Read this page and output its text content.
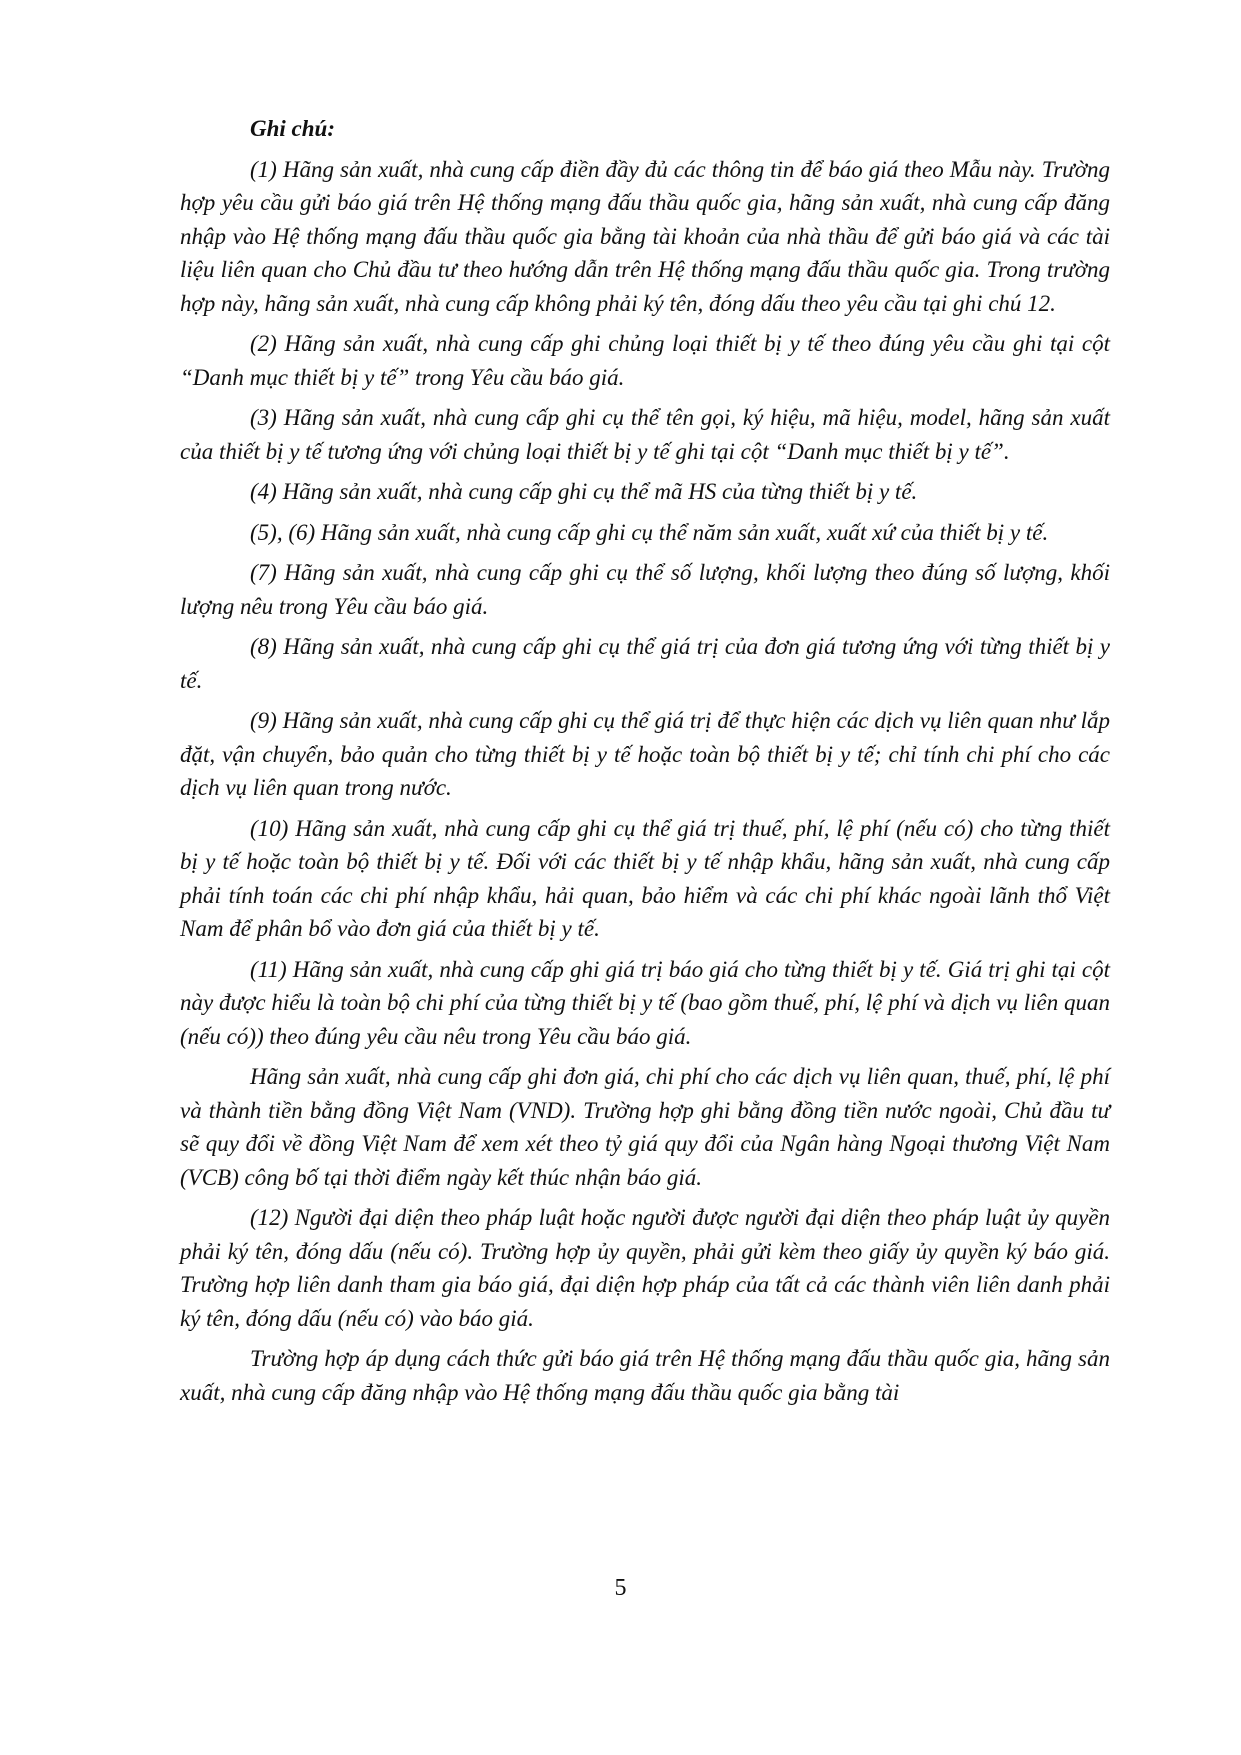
Ghi chú:

(1) Hãng sản xuất, nhà cung cấp điền đầy đủ các thông tin để báo giá theo Mẫu này. Trường hợp yêu cầu gửi báo giá trên Hệ thống mạng đấu thầu quốc gia, hãng sản xuất, nhà cung cấp đăng nhập vào Hệ thống mạng đấu thầu quốc gia bằng tài khoản của nhà thầu để gửi báo giá và các tài liệu liên quan cho Chủ đầu tư theo hướng dẫn trên Hệ thống mạng đấu thầu quốc gia. Trong trường hợp này, hãng sản xuất, nhà cung cấp không phải ký tên, đóng dấu theo yêu cầu tại ghi chú 12.

(2) Hãng sản xuất, nhà cung cấp ghi chủng loại thiết bị y tế theo đúng yêu cầu ghi tại cột “Danh mục thiết bị y tế” trong Yêu cầu báo giá.

(3) Hãng sản xuất, nhà cung cấp ghi cụ thể tên gọi, ký hiệu, mã hiệu, model, hãng sản xuất của thiết bị y tế tương ứng với chủng loại thiết bị y tế ghi tại cột “Danh mục thiết bị y tế”.

(4) Hãng sản xuất, nhà cung cấp ghi cụ thể mã HS của từng thiết bị y tế.

(5), (6) Hãng sản xuất, nhà cung cấp ghi cụ thể năm sản xuất, xuất xứ của thiết bị y tế.

(7) Hãng sản xuất, nhà cung cấp ghi cụ thể số lượng, khối lượng theo đúng số lượng, khối lượng nêu trong Yêu cầu báo giá.

(8) Hãng sản xuất, nhà cung cấp ghi cụ thể giá trị của đơn giá tương ứng với từng thiết bị y tế.

(9) Hãng sản xuất, nhà cung cấp ghi cụ thể giá trị để thực hiện các dịch vụ liên quan như lắp đặt, vận chuyển, bảo quản cho từng thiết bị y tế hoặc toàn bộ thiết bị y tế; chỉ tính chi phí cho các dịch vụ liên quan trong nước.

(10) Hãng sản xuất, nhà cung cấp ghi cụ thể giá trị thuế, phí, lệ phí (nếu có) cho từng thiết bị y tế hoặc toàn bộ thiết bị y tế. Đối với các thiết bị y tế nhập khẩu, hãng sản xuất, nhà cung cấp phải tính toán các chi phí nhập khẩu, hải quan, bảo hiểm và các chi phí khác ngoài lãnh thổ Việt Nam để phân bổ vào đơn giá của thiết bị y tế.

(11) Hãng sản xuất, nhà cung cấp ghi giá trị báo giá cho từng thiết bị y tế. Giá trị ghi tại cột này được hiểu là toàn bộ chi phí của từng thiết bị y tế (bao gồm thuế, phí, lệ phí và dịch vụ liên quan (nếu có)) theo đúng yêu cầu nêu trong Yêu cầu báo giá.

Hãng sản xuất, nhà cung cấp ghi đơn giá, chi phí cho các dịch vụ liên quan, thuế, phí, lệ phí và thành tiền bằng đồng Việt Nam (VND). Trường hợp ghi bằng đồng tiền nước ngoài, Chủ đầu tư sẽ quy đổi về đồng Việt Nam để xem xét theo tỷ giá quy đổi của Ngân hàng Ngoại thương Việt Nam (VCB) công bố tại thời điểm ngày kết thúc nhận báo giá.

(12) Người đại diện theo pháp luật hoặc người được người đại diện theo pháp luật ủy quyền phải ký tên, đóng dấu (nếu có). Trường hợp ủy quyền, phải gửi kèm theo giấy ủy quyền ký báo giá. Trường hợp liên danh tham gia báo giá, đại diện hợp pháp của tất cả các thành viên liên danh phải ký tên, đóng dấu (nếu có) vào báo giá.

Trường hợp áp dụng cách thức gửi báo giá trên Hệ thống mạng đấu thầu quốc gia, hãng sản xuất, nhà cung cấp đăng nhập vào Hệ thống mạng đấu thầu quốc gia bằng tài

5
